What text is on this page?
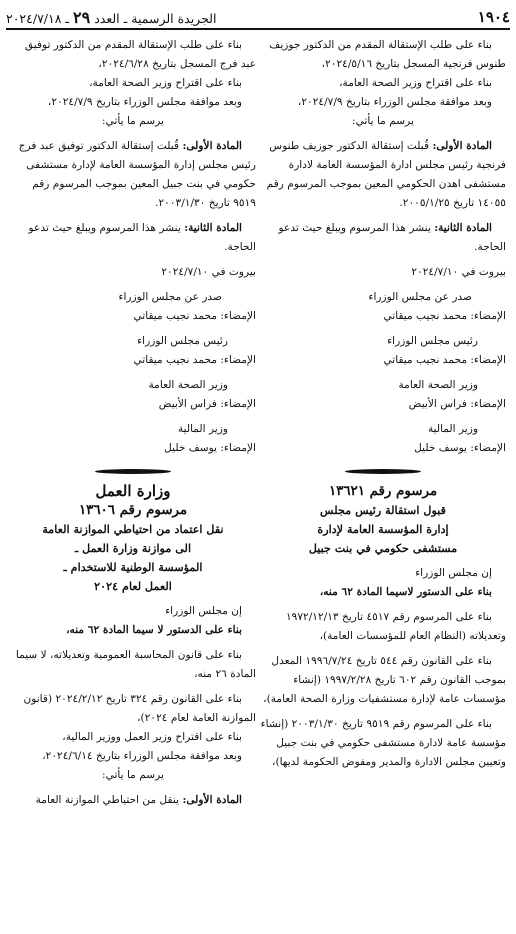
١٩٠٤
الجريدة الرسمية ـ العدد ٢٩ ـ ٢٠٢٤/٧/١٨

بناء على طلب الإستقالة المقدم من الدكتور جوزيف طنوس فرنجية المسجل بتاريخ ٢٠٢٤/٥/١٦،

بناء على اقتراح وزير الصحة العامة،

وبعد موافقة مجلس الوزراء بتاريخ ٢٠٢٤/٧/٩،

يرسم ما يأتي:

المادة الأولى: قُبلت إستقالة الدكتور جوزيف طنوس فرنجية رئيس مجلس ادارة المؤسسة العامة لادارة مستشفى اهدن الحكومي المعين بموجب المرسوم رقم ١٤٠٥٥ تاريخ ٢٠٠٥/١/٢٥.

المادة الثانية: ينشر هذا المرسوم ويبلغ حيث تدعو الحاجة.

بيروت في ٢٠٢٤/٧/١٠

صدر عن مجلس الوزراء

الإمضاء: محمد نجيب ميقاتي

رئيس مجلس الوزراء

الإمضاء: محمد نجيب ميقاتي

وزير الصحة العامة

الإمضاء: فراس الأبيض

وزير المالية

الإمضاء: يوسف خليل

مرسوم رقم ١٣٦٢١
قبول استقالة رئيس مجلس
إدارة المؤسسة العامة لإدارة
مستشفى حكومي في بنت جبيل

إن مجلس الوزراء

بناء على الدستور لاسيما المادة ٦٢ منه،

بناء على المرسوم رقم ٤٥١٧ تاريخ ١٩٧٢/١٢/١٣ وتعديلاته (النظام العام للمؤسسات العامة)،

بناء على القانون رقم ٥٤٤ تاريخ ١٩٩٦/٧/٢٤ المعدل بموجب القانون رقم ٦٠٢ تاريخ ١٩٩٧/٢/٢٨ (إنشاء مؤسسات عامة لإدارة مستشفيات وزارة الصحة العامة)،

بناء على المرسوم رقم ٩٥١٩ تاريخ ٢٠٠٣/١/٣٠ (إنشاء مؤسسة عامة لادارة مستشفى حكومي في بنت جبيل وتعيين مجلس الادارة والمدير ومفوض الحكومة لديها)،

بناء على طلب الإستقالة المقدم من الدكتور توفيق عبد فرج المسجل بتاريخ ٢٠٢٤/٦/٢٨،

بناء على اقتراح وزير الصحة العامة،

وبعد موافقة مجلس الوزراء بتاريخ ٢٠٢٤/٧/٩،

يرسم ما يأتي:

المادة الأولى: قُبلت إستقالة الدكتور توفيق عبد فرج رئيس مجلس إدارة المؤسسة العامة لإدارة مستشفى حكومي في بنت جبيل المعين بموجب المرسوم رقم ٩٥١٩ تاريخ ٢٠٠٣/١/٣٠.

المادة الثانية: ينشر هذا المرسوم ويبلغ حيث تدعو الحاجة.

بيروت في ٢٠٢٤/٧/١٠

صدر عن مجلس الوزراء

الإمضاء: محمد نجيب ميقاتي

رئيس مجلس الوزراء

الإمضاء: محمد نجيب ميقاتي

وزير الصحة العامة

الإمضاء: فراس الأبيض

وزير المالية

الإمضاء: يوسف خليل

وزارة العمل
مرسوم رقم ١٣٦٠٦
نقل اعتماد من احتياطي الموازنة العامة
الى موازنة وزارة العمل ـ
المؤسسة الوطنية للاستخدام ـ
العمل لعام ٢٠٢٤

إن مجلس الوزراء

بناء على الدستور لا سيما المادة ٦٢ منه،

بناء على قانون المحاسبة العمومية وتعديلاته، لا سيما المادة ٢٦ منه،

بناء على القانون رقم ٣٢٤ تاريخ ٢٠٢٤/٢/١٢ (قانون الموازنة العامة لعام ٢٠٢٤)،

بناء على اقتراح وزير العمل ووزير المالية،

وبعد موافقة مجلس الوزراء بتاريخ ٢٠٢٤/٦/١٤،

يرسم ما يأتي:

المادة الأولى: ينقل من احتياطي الموازنة العامة
